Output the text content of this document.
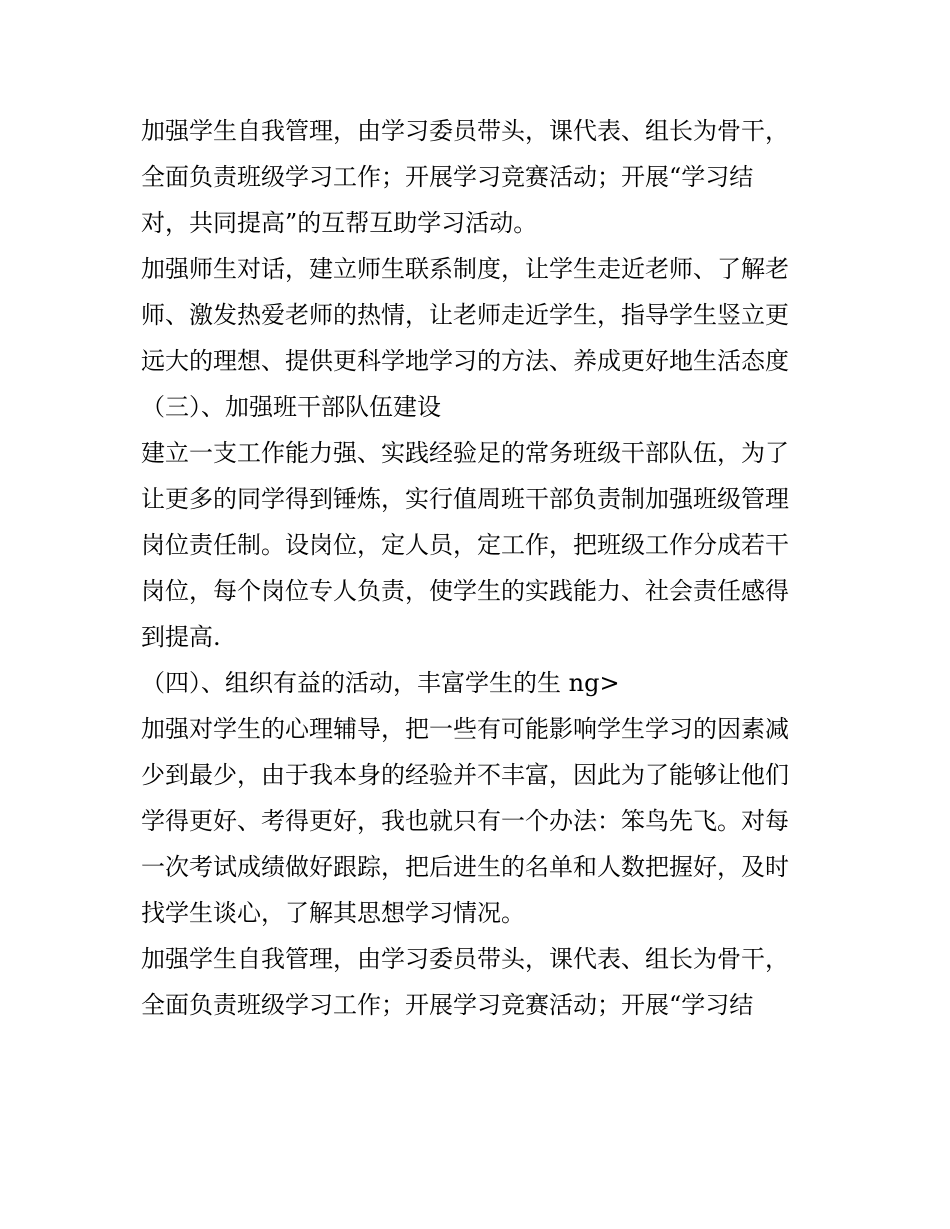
加强学生自我管理，由学习委员带头，课代表、组长为骨干，
全面负责班级学习工作；开展学习竞赛活动；开展“学习结
对，共同提高”的互帮互助学习活动。
加强师生对话，建立师生联系制度，让学生走近老师、了解老
师、激发热爱老师的热情，让老师走近学生，指导学生竖立更
远大的理想、提供更科学地学习的方法、养成更好地生活态度
（三）、加强班干部队伍建设
建立一支工作能力强、实践经验足的常务班级干部队伍，为了
让更多的同学得到锤炼，实行值周班干部负责制加强班级管理
岗位责任制。设岗位，定人员，定工作，把班级工作分成若干
岗位，每个岗位专人负责，使学生的实践能力、社会责任感得
到提高.
（四）、组织有益的活动，丰富学生的生 ng>
加强对学生的心理辅导，把一些有可能影响学生学习的因素减
少到最少，由于我本身的经验并不丰富，因此为了能够让他们
学得更好、考得更好，我也就只有一个办法：笨鸟先飞。对每
一次考试成绩做好跟踪，把后进生的名单和人数把握好，及时
找学生谈心，了解其思想学习情况。
加强学生自我管理，由学习委员带头，课代表、组长为骨干，
全面负责班级学习工作；开展学习竞赛活动；开展“学习结
